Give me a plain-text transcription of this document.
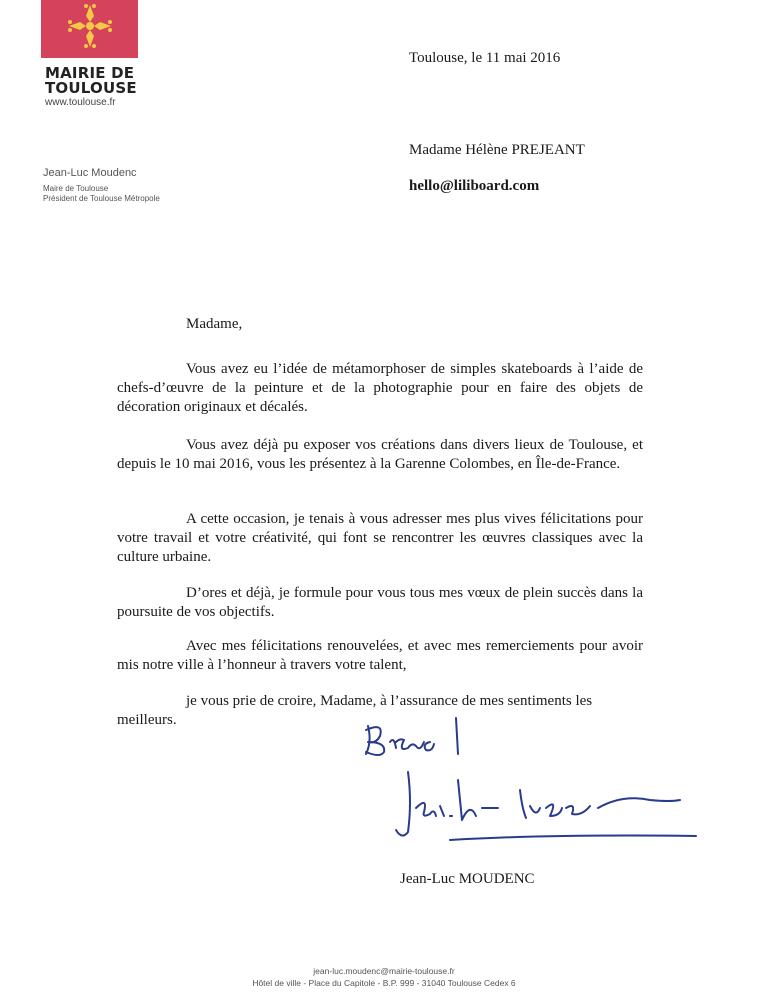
MAIRIE DE
TOULOUSE
www.toulouse.fr
Jean-Luc Moudenc
Maire de Toulouse
Président de Toulouse Métropole
Toulouse, le 11 mai 2016
Madame Hélène PREJEANT
hello@liliboard.com
Madame,
Vous avez eu l’idée de métamorphoser de simples skateboards à l’aide de chefs-d’œuvre de la peinture et de la photographie pour en faire des objets de décoration originaux et décalés.
Vous avez déjà pu exposer vos créations dans divers lieux de Toulouse, et depuis le 10 mai 2016, vous les présentez à la Garenne Colombes, en Île-de-France.
A cette occasion, je tenais à vous adresser mes plus vives félicitations pour votre travail et votre créativité, qui font se rencontrer les œuvres classiques avec la culture urbaine.
D’ores et déjà, je formule pour vous tous mes vœux de plein succès dans la poursuite de vos objectifs.
Avec mes félicitations renouvelées, et avec mes remerciements pour avoir mis notre ville à l’honneur à travers votre talent,
je vous prie de croire, Madame, à l’assurance de mes sentiments les
meilleurs.
Jean-Luc MOUDENC
jean-luc.moudenc@mairie-toulouse.fr
Hôtel de ville - Place du Capitole - B.P. 999 - 31040 Toulouse Cedex 6
